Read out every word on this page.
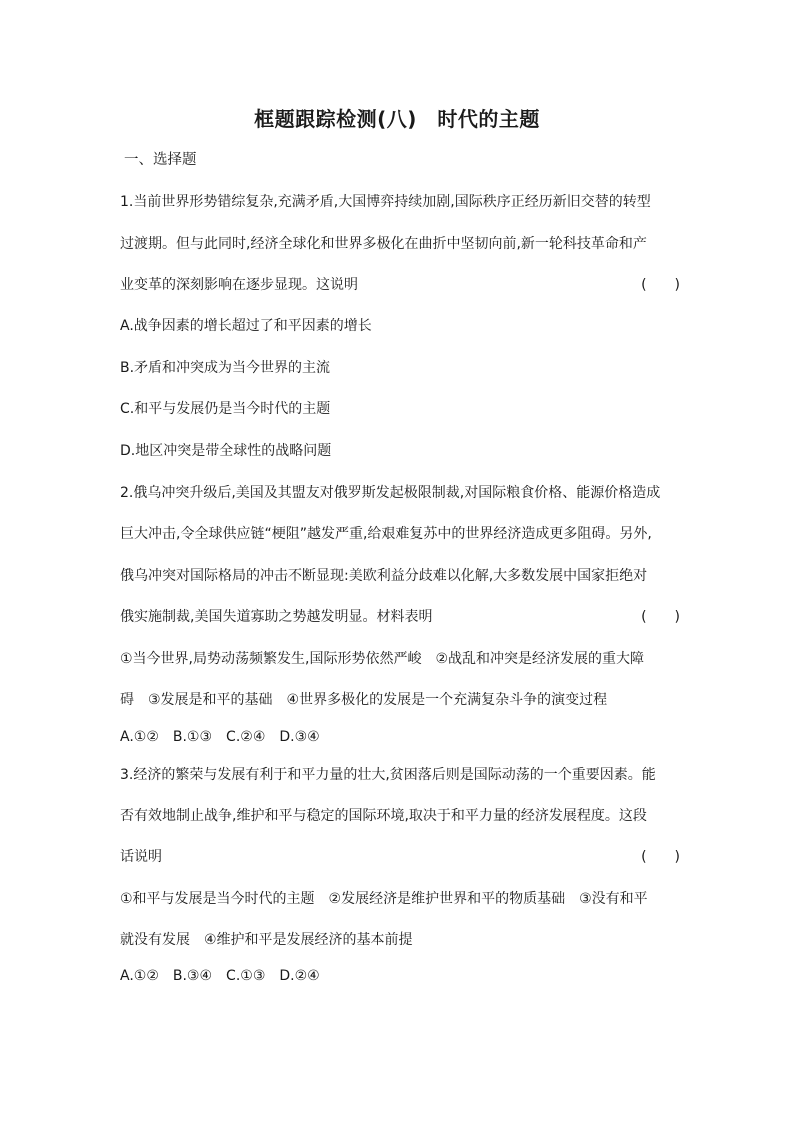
框题跟踪检测(八)　时代的主题
一、选择题
1.当前世界形势错综复杂,充满矛盾,大国博弈持续加剧,国际秩序正经历新旧交替的转型
过渡期。但与此同时,经济全球化和世界多极化在曲折中坚韧向前,新一轮科技革命和产
业变革的深刻影响在逐步显现。这说明	(　　)
A.战争因素的增长超过了和平因素的增长
B.矛盾和冲突成为当今世界的主流
C.和平与发展仍是当今时代的主题
D.地区冲突是带全球性的战略问题
2.俄乌冲突升级后,美国及其盟友对俄罗斯发起极限制裁,对国际粮食价格、能源价格造成
巨大冲击,令全球供应链“梗阻”越发严重,给艰难复苏中的世界经济造成更多阻碍。另外,
俄乌冲突对国际格局的冲击不断显现:美欧利益分歧难以化解,大多数发展中国家拒绝对
俄实施制裁,美国失道寡助之势越发明显。材料表明	(　　)
①当今世界,局势动荡频繁发生,国际形势依然严峻　②战乱和冲突是经济发展的重大障
碍　③发展是和平的基础　④世界多极化的发展是一个充满复杂斗争的演变过程
A.①②　B.①③　C.②④　D.③④
3.经济的繁荣与发展有利于和平力量的壮大,贫困落后则是国际动荡的一个重要因素。能
否有效地制止战争,维护和平与稳定的国际环境,取决于和平力量的经济发展程度。这段
话说明	(　　)
①和平与发展是当今时代的主题　②发展经济是维护世界和平的物质基础　③没有和平
就没有发展　④维护和平是发展经济的基本前提
A.①②　B.③④　C.①③　D.②④
